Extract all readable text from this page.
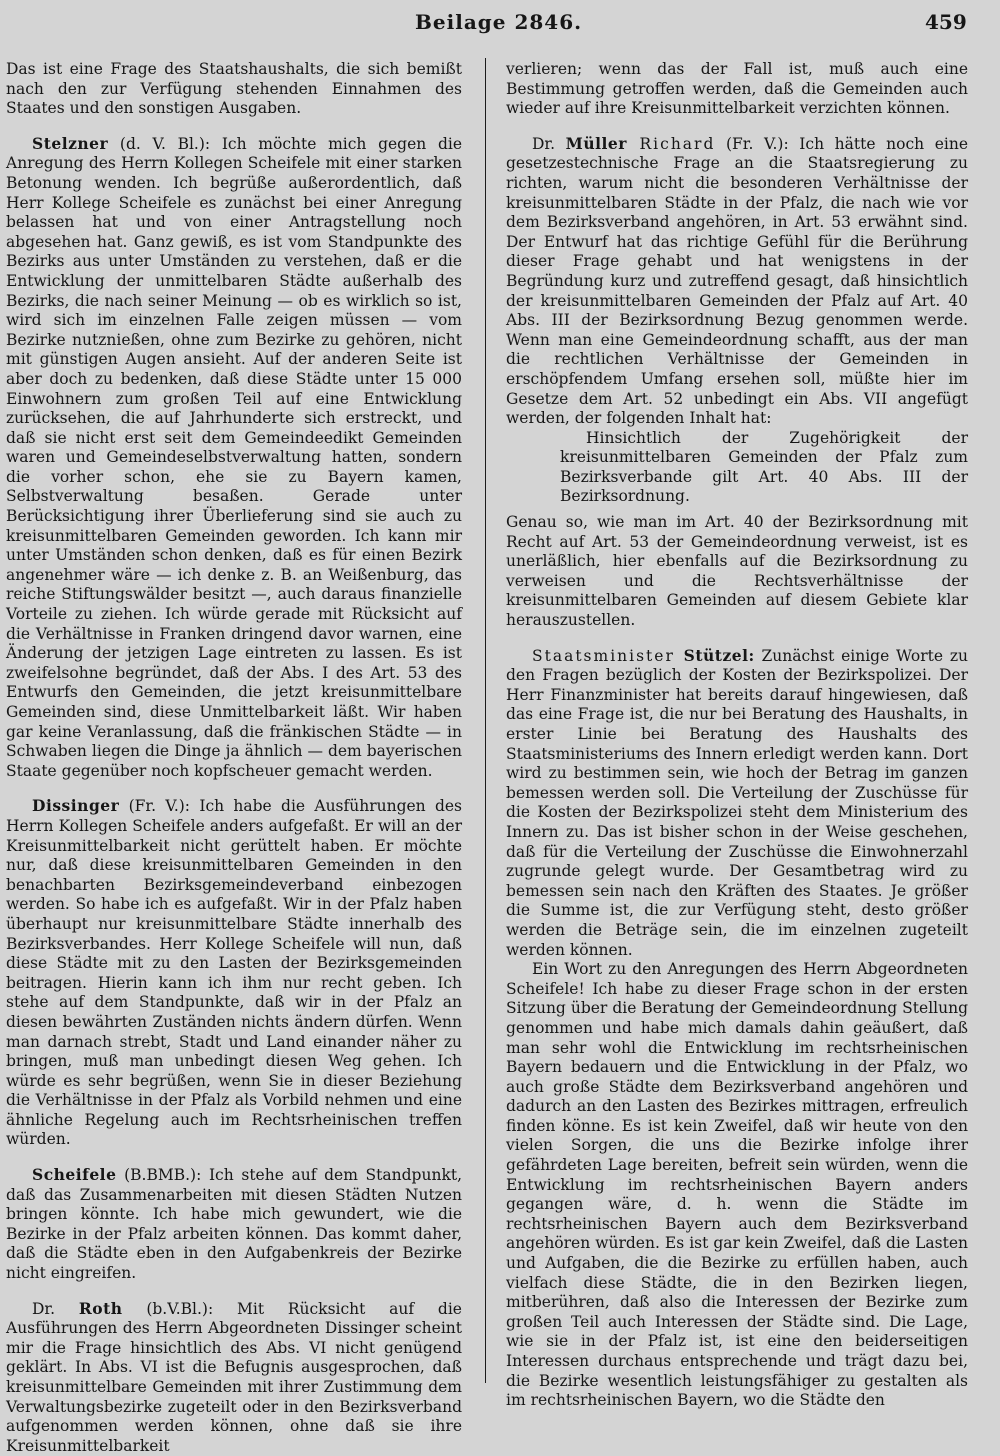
Beilage 2846.	459

Das ist eine Frage des Staatshaushalts, die sich bemißt nach den zur Verfügung stehenden Einnahmen des Staates und den sonstigen Ausgaben.

Stelzner (d. V. Bl.): Ich möchte mich gegen die Anregung des Herrn Kollegen Scheifele mit einer starken Betonung wenden. Ich begrüße außerordentlich, daß Herr Kollege Scheifele es zunächst bei einer Anregung belassen hat und von einer Antragstellung noch abgesehen hat. Ganz gewiß, es ist vom Standpunkte des Bezirks aus unter Umständen zu verstehen, daß er die Entwicklung der unmittelbaren Städte außerhalb des Bezirks, die nach seiner Meinung — ob es wirklich so ist, wird sich im einzelnen Falle zeigen müssen — vom Bezirke nutznießen, ohne zum Bezirke zu gehören, nicht mit günstigen Augen ansieht. Auf der anderen Seite ist aber doch zu bedenken, daß diese Städte unter 15 000 Einwohnern zum großen Teil auf eine Entwicklung zurücksehen, die auf Jahrhunderte sich erstreckt, und daß sie nicht erst seit dem Gemeindeedikt Gemeinden waren und Gemeindeselbstverwaltung hatten, sondern die vorher schon, ehe sie zu Bayern kamen, Selbstverwaltung besaßen. Gerade unter Berücksichtigung ihrer Überlieferung sind sie auch zu kreisunmittelbaren Gemeinden geworden. Ich kann mir unter Umständen schon denken, daß es für einen Bezirk angenehmer wäre — ich denke z. B. an Weißenburg, das reiche Stiftungswälder besitzt —, auch daraus finanzielle Vorteile zu ziehen. Ich würde gerade mit Rücksicht auf die Verhältnisse in Franken dringend davor warnen, eine Änderung der jetzigen Lage eintreten zu lassen. Es ist zweifelsohne begründet, daß der Abs. I des Art. 53 des Entwurfs den Gemeinden, die jetzt kreisunmittelbare Gemeinden sind, diese Unmittelbarkeit läßt. Wir haben gar keine Veranlassung, daß die fränkischen Städte — in Schwaben liegen die Dinge ja ähnlich — dem bayerischen Staate gegenüber noch kopfscheuer gemacht werden.

Dissinger (Fr. V.): Ich habe die Ausführungen des Herrn Kollegen Scheifele anders aufgefaßt. Er will an der Kreisunmittelbarkeit nicht gerüttelt haben. Er möchte nur, daß diese kreisunmittelbaren Gemeinden in den benachbarten Bezirksgemeindeverband einbezogen werden. So habe ich es aufgefaßt. Wir in der Pfalz haben überhaupt nur kreisunmittelbare Städte innerhalb des Bezirksverbandes. Herr Kollege Scheifele will nun, daß diese Städte mit zu den Lasten der Bezirksgemeinden beitragen. Hierin kann ich ihm nur recht geben. Ich stehe auf dem Standpunkte, daß wir in der Pfalz an diesen bewährten Zuständen nichts ändern dürfen. Wenn man darnach strebt, Stadt und Land einander näher zu bringen, muß man unbedingt diesen Weg gehen. Ich würde es sehr begrüßen, wenn Sie in dieser Beziehung die Verhältnisse in der Pfalz als Vorbild nehmen und eine ähnliche Regelung auch im Rechtsrheinischen treffen würden.

Scheifele (B.BMB.): Ich stehe auf dem Standpunkt, daß das Zusammenarbeiten mit diesen Städten Nutzen bringen könnte. Ich habe mich gewundert, wie die Bezirke in der Pfalz arbeiten können. Das kommt daher, daß die Städte eben in den Aufgabenkreis der Bezirke nicht eingreifen.

Dr. Roth (b.V.Bl.): Mit Rücksicht auf die Ausführungen des Herrn Abgeordneten Dissinger scheint mir die Frage hinsichtlich des Abs. VI nicht genügend geklärt. In Abs. VI ist die Befugnis ausgesprochen, daß kreisunmittelbare Gemeinden mit ihrer Zustimmung dem Verwaltungsbezirke zugeteilt oder in den Bezirksverband aufgenommen werden können, ohne daß sie ihre Kreisunmittelbarkeit

verlieren; wenn das der Fall ist, muß auch eine Bestimmung getroffen werden, daß die Gemeinden auch wieder auf ihre Kreisunmittelbarkeit verzichten können.

Dr. Müller Richard (Fr. V.): Ich hätte noch eine gesetzestechnische Frage an die Staatsregierung zu richten, warum nicht die besonderen Verhältnisse der kreisunmittelbaren Städte in der Pfalz, die nach wie vor dem Bezirksverband angehören, in Art. 53 erwähnt sind. Der Entwurf hat das richtige Gefühl für die Berührung dieser Frage gehabt und hat wenigstens in der Begründung kurz und zutreffend gesagt, daß hinsichtlich der kreisunmittelbaren Gemeinden der Pfalz auf Art. 40 Abs. III der Bezirksordnung Bezug genommen werde. Wenn man eine Gemeindeordnung schafft, aus der man die rechtlichen Verhältnisse der Gemeinden in erschöpfendem Umfang ersehen soll, müßte hier im Gesetze dem Art. 52 unbedingt ein Abs. VII angefügt werden, der folgenden Inhalt hat:

Hinsichtlich der Zugehörigkeit der kreisunmittelbaren Gemeinden der Pfalz zum Bezirksverbande gilt Art. 40 Abs. III der Bezirksordnung.

Genau so, wie man im Art. 40 der Bezirksordnung mit Recht auf Art. 53 der Gemeindeordnung verweist, ist es unerläßlich, hier ebenfalls auf die Bezirksordnung zu verweisen und die Rechtsverhältnisse der kreisunmittelbaren Gemeinden auf diesem Gebiete klar herauszustellen.

Staatsminister Stützel: Zunächst einige Worte zu den Fragen bezüglich der Kosten der Bezirkspolizei. Der Herr Finanzminister hat bereits darauf hingewiesen, daß das eine Frage ist, die nur bei Beratung des Haushalts, in erster Linie bei Beratung des Haushalts des Staatsministeriums des Innern erledigt werden kann. Dort wird zu bestimmen sein, wie hoch der Betrag im ganzen bemessen werden soll. Die Verteilung der Zuschüsse für die Kosten der Bezirkspolizei steht dem Ministerium des Innern zu. Das ist bisher schon in der Weise geschehen, daß für die Verteilung der Zuschüsse die Einwohnerzahl zugrunde gelegt wurde. Der Gesamtbetrag wird zu bemessen sein nach den Kräften des Staates. Je größer die Summe ist, die zur Verfügung steht, desto größer werden die Beträge sein, die im einzelnen zugeteilt werden können.

Ein Wort zu den Anregungen des Herrn Abgeordneten Scheifele! Ich habe zu dieser Frage schon in der ersten Sitzung über die Beratung der Gemeindeordnung Stellung genommen und habe mich damals dahin geäußert, daß man sehr wohl die Entwicklung im rechtsrheinischen Bayern bedauern und die Entwicklung in der Pfalz, wo auch große Städte dem Bezirksverband angehören und dadurch an den Lasten des Bezirkes mittragen, erfreulich finden könne. Es ist kein Zweifel, daß wir heute von den vielen Sorgen, die uns die Bezirke infolge ihrer gefährdeten Lage bereiten, befreit sein würden, wenn die Entwicklung im rechtsrheinischen Bayern anders gegangen wäre, d. h. wenn die Städte im rechtsrheinischen Bayern auch dem Bezirksverband angehören würden. Es ist gar kein Zweifel, daß die Lasten und Aufgaben, die die Bezirke zu erfüllen haben, auch vielfach diese Städte, die in den Bezirken liegen, mitberühren, daß also die Interessen der Bezirke zum großen Teil auch Interessen der Städte sind. Die Lage, wie sie in der Pfalz ist, ist eine den beiderseitigen Interessen durchaus entsprechende und trägt dazu bei, die Bezirke wesentlich leistungsfähiger zu gestalten als im rechtsrheinischen Bayern, wo die Städte den
